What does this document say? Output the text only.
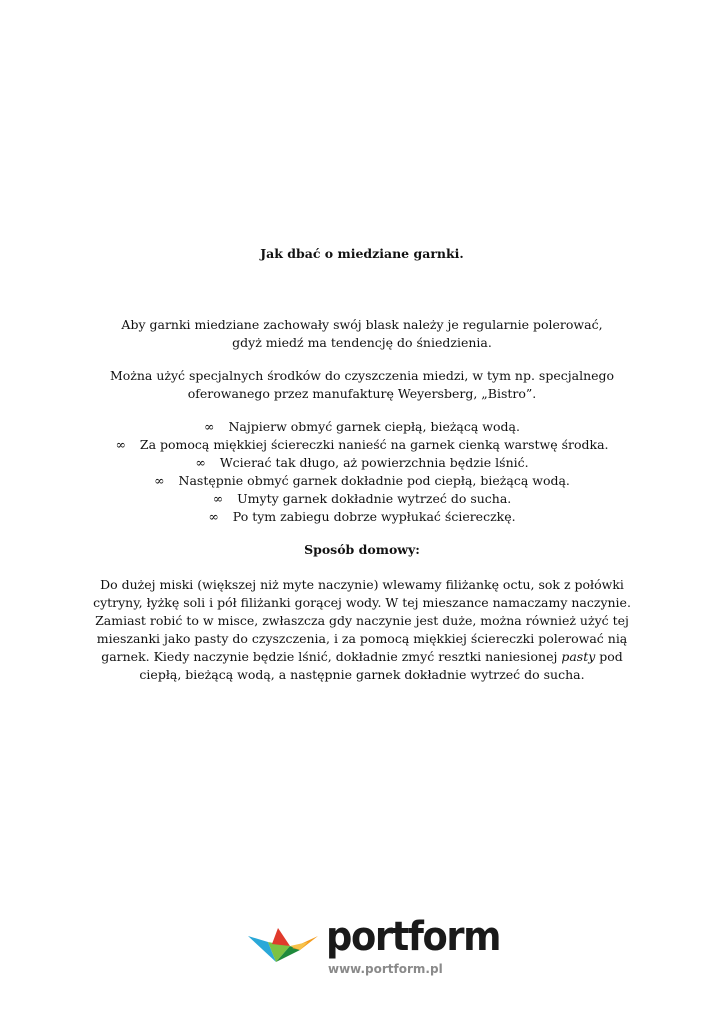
Jak dbać o miedziane garnki.

Aby garnki miedziane zachowały swój blask należy je regularnie polerować,
gdyż miedź ma tendencję do śniedzienia.

Można użyć specjalnych środków do czyszczenia miedzi, w tym np. specjalnego
oferowanego przez manufakturę Weyersberg, „Bistro”.

∞ Najpierw obmyć garnek ciepłą, bieżącą wodą.
∞ Za pomocą miękkiej ściereczki nanieść na garnek cienką warstwę środka.
∞ Wcierać tak długo, aż powierzchnia będzie lśnić.
∞ Następnie obmyć garnek dokładnie pod ciepłą, bieżącą wodą.
∞ Umyty garnek dokładnie wytrzeć do sucha.
∞ Po tym zabiegu dobrze wypłukać ściereczkę.
Sposób domowy:

Do dużej miski (większej niż myte naczynie) wlewamy filiżankę octu, sok z połówki
cytryny, łyżkę soli i pół filiżanki gorącej wody. W tej mieszance namaczamy naczynie.
Zamiast robić to w misce, zwłaszcza gdy naczynie jest duże, można również użyć tej
mieszanki jako pasty do czyszczenia, i za pomocą miękkiej ściereczki polerować nią
garnek. Kiedy naczynie będzie lśnić, dokładnie zmyć resztki naniesionej pasty pod
ciepłą, bieżącą wodą, a następnie garnek dokładnie wytrzeć do sucha.

portform
www.portform.pl
